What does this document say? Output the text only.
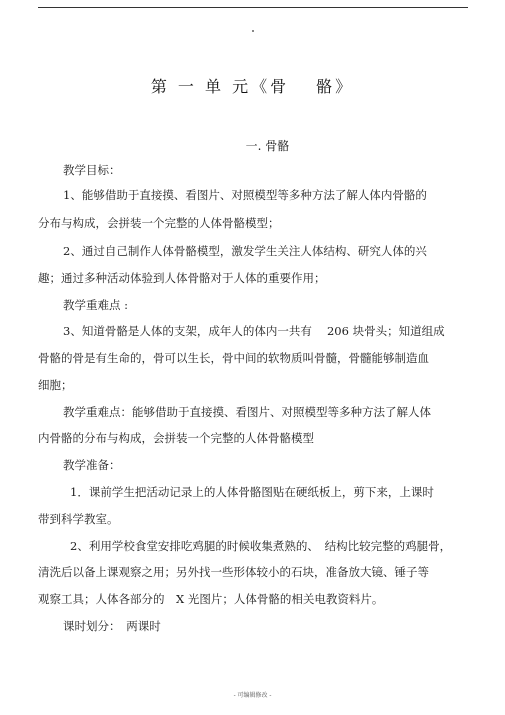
第 一 单 元《骨　 骼》
一. 骨骼
教学目标：
1、能够借助于直接摸、看图片、对照模型等多种方法了解人体内骨骼的
分布与构成，会拼装一个完整的人体骨骼模型；
2、通过自己制作人体骨骼模型，激发学生关注人体结构、研究人体的兴
趣；通过多种活动体验到人体骨骼对于人体的重要作用；
教学重难点 :
3、知道骨骼是人体的支架，成年人的体内一共有　 206 块骨头；知道组成
骨骼的骨是有生命的，骨可以生长，骨中间的软物质叫骨髓，骨髓能够制造血
细胞；
教学重难点：能够借助于直接摸、看图片、对照模型等多种方法了解人体
内骨骼的分布与构成，会拼装一个完整的人体骨骼模型
教学准备：
1．课前学生把活动记录上的人体骨骼图贴在硬纸板上，剪下来，上课时
带到科学教室。
2、利用学校食堂安排吃鸡腿的时候收集煮熟的、　结构比较完整的鸡腿骨，
清洗后以备上课观察之用；另外找一些形体较小的石块，准备放大镜、锤子等
观察工具；人体各部分的　X 光图片；人体骨骼的相关电教资料片。
课时划分：　两课时
- 可编辑修改 -
